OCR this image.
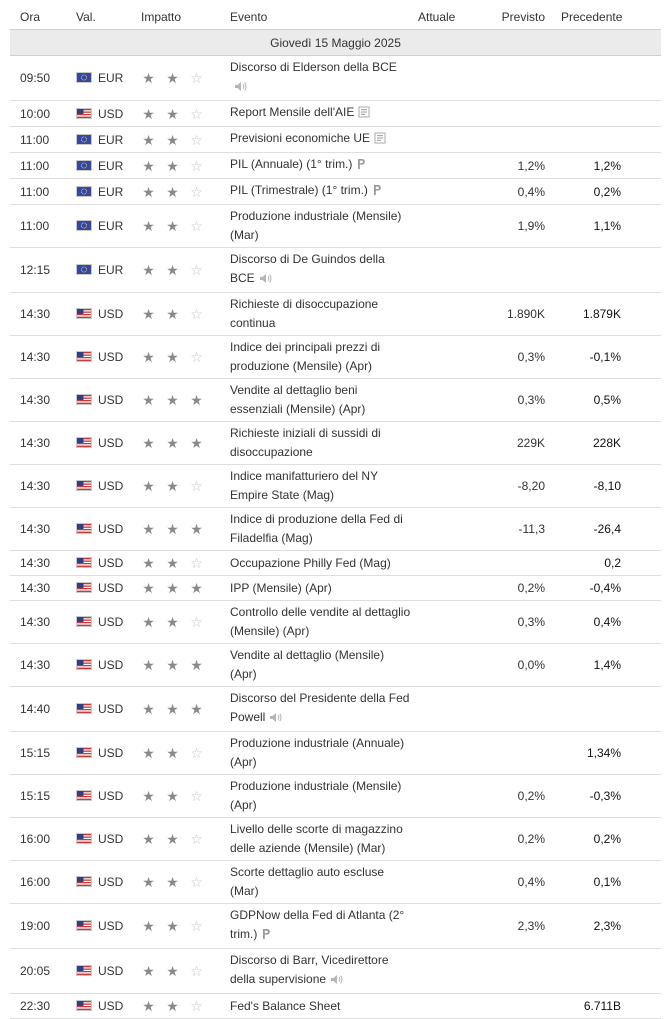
Ora	Val.	Impatto	Evento	Attuale	Previsto	Precedente
Giovedì 15 Maggio 2025						
09:50	EUR	★ ★ ☆	Discorso di Elderson della BCE			
10:00	USD	★ ★ ☆	Report Mensile dell'AIE			
11:00	EUR	★ ★ ☆	Previsioni economiche UE			
11:00	EUR	★ ★ ☆	PIL (Annuale) (1° trim.)		1,2%	1,2%
11:00	EUR	★ ★ ☆	PIL (Trimestrale) (1° trim.)		0,4%	0,2%
11:00	EUR	★ ★ ☆	Produzione industriale (Mensile) (Mar)		1,9%	1,1%
12:15	EUR	★ ★ ☆	Discorso di De Guindos della BCE			
14:30	USD	★ ★ ☆	Richieste di disoccupazione continua		1.890K	1.879K
14:30	USD	★ ★ ☆	Indice dei principali prezzi di produzione (Mensile) (Apr)		0,3%	-0,1%
14:30	USD	★ ★ ★	Vendite al dettaglio beni essenziali (Mensile) (Apr)		0,3%	0,5%
14:30	USD	★ ★ ★	Richieste iniziali di sussidi di disoccupazione		229K	228K
14:30	USD	★ ★ ☆	Indice manifatturiero del NY Empire State (Mag)		-8,20	-8,10
14:30	USD	★ ★ ★	Indice di produzione della Fed di Filadelfia (Mag)		-11,3	-26,4
14:30	USD	★ ★ ☆	Occupazione Philly Fed (Mag)			0,2
14:30	USD	★ ★ ★	IPP (Mensile) (Apr)		0,2%	-0,4%
14:30	USD	★ ★ ☆	Controllo delle vendite al dettaglio (Mensile) (Apr)		0,3%	0,4%
14:30	USD	★ ★ ★	Vendite al dettaglio (Mensile) (Apr)		0,0%	1,4%
14:40	USD	★ ★ ★	Discorso del Presidente della Fed Powell			
15:15	USD	★ ★ ☆	Produzione industriale (Annuale) (Apr)			1,34%
15:15	USD	★ ★ ☆	Produzione industriale (Mensile) (Apr)		0,2%	-0,3%
16:00	USD	★ ★ ☆	Livello delle scorte di magazzino delle aziende (Mensile) (Mar)		0,2%	0,2%
16:00	USD	★ ★ ☆	Scorte dettaglio auto escluse (Mar)		0,4%	0,1%
19:00	USD	★ ★ ☆	GDPNow della Fed di Atlanta (2° trim.)		2,3%	2,3%
20:05	USD	★ ★ ☆	Discorso di Barr, Vicedirettore della supervisione			
22:30	USD	★ ★ ☆	Fed's Balance Sheet			6.711B
